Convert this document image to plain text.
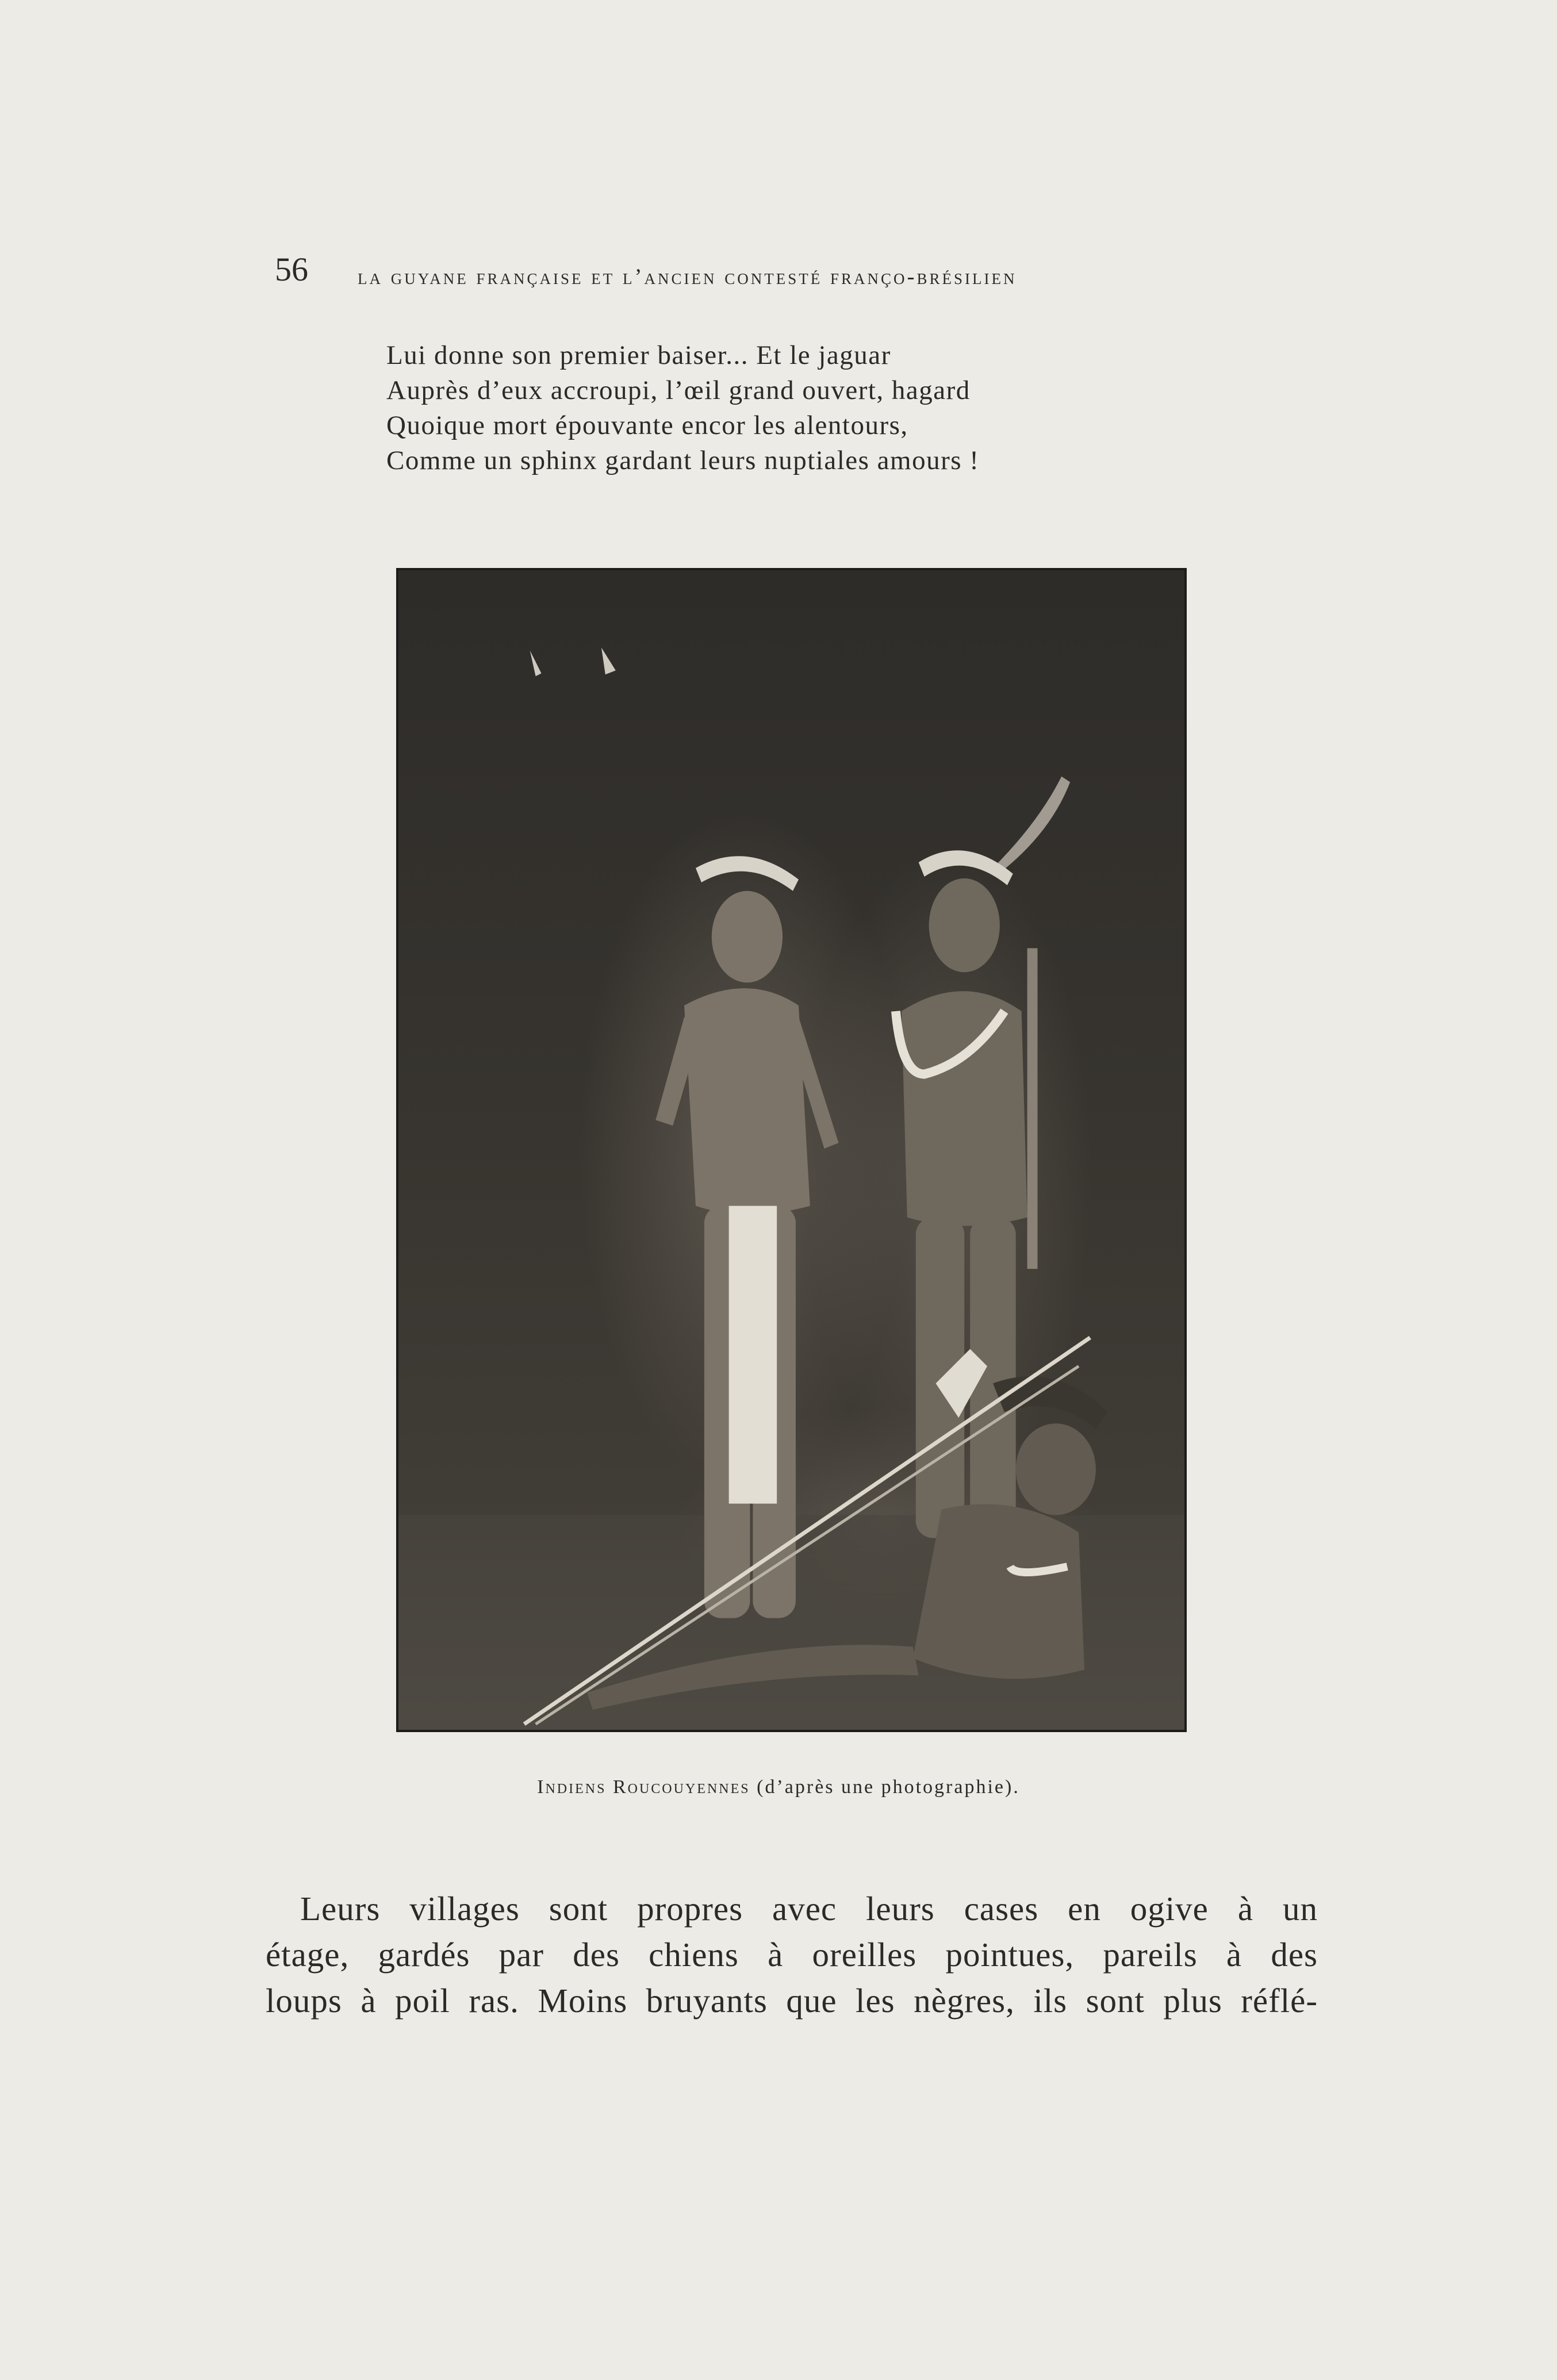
56 la guyane française et l’ancien contesté franço-brésilien
Lui donne son premier baiser... Et le jaguar
Auprès d’eux accroupi, l’œil grand ouvert, hagard
Quoique mort épouvante encor les alentours,
Comme un sphinx gardant leurs nuptiales amours !
Indiens Roucouyennes (d’après une photographie).
Leurs villages sont propres avec leurs cases en ogive à un
étage, gardés par des chiens à oreilles pointues, pareils à des
loups à poil ras. Moins bruyants que les nègres, ils sont plus réflé-
